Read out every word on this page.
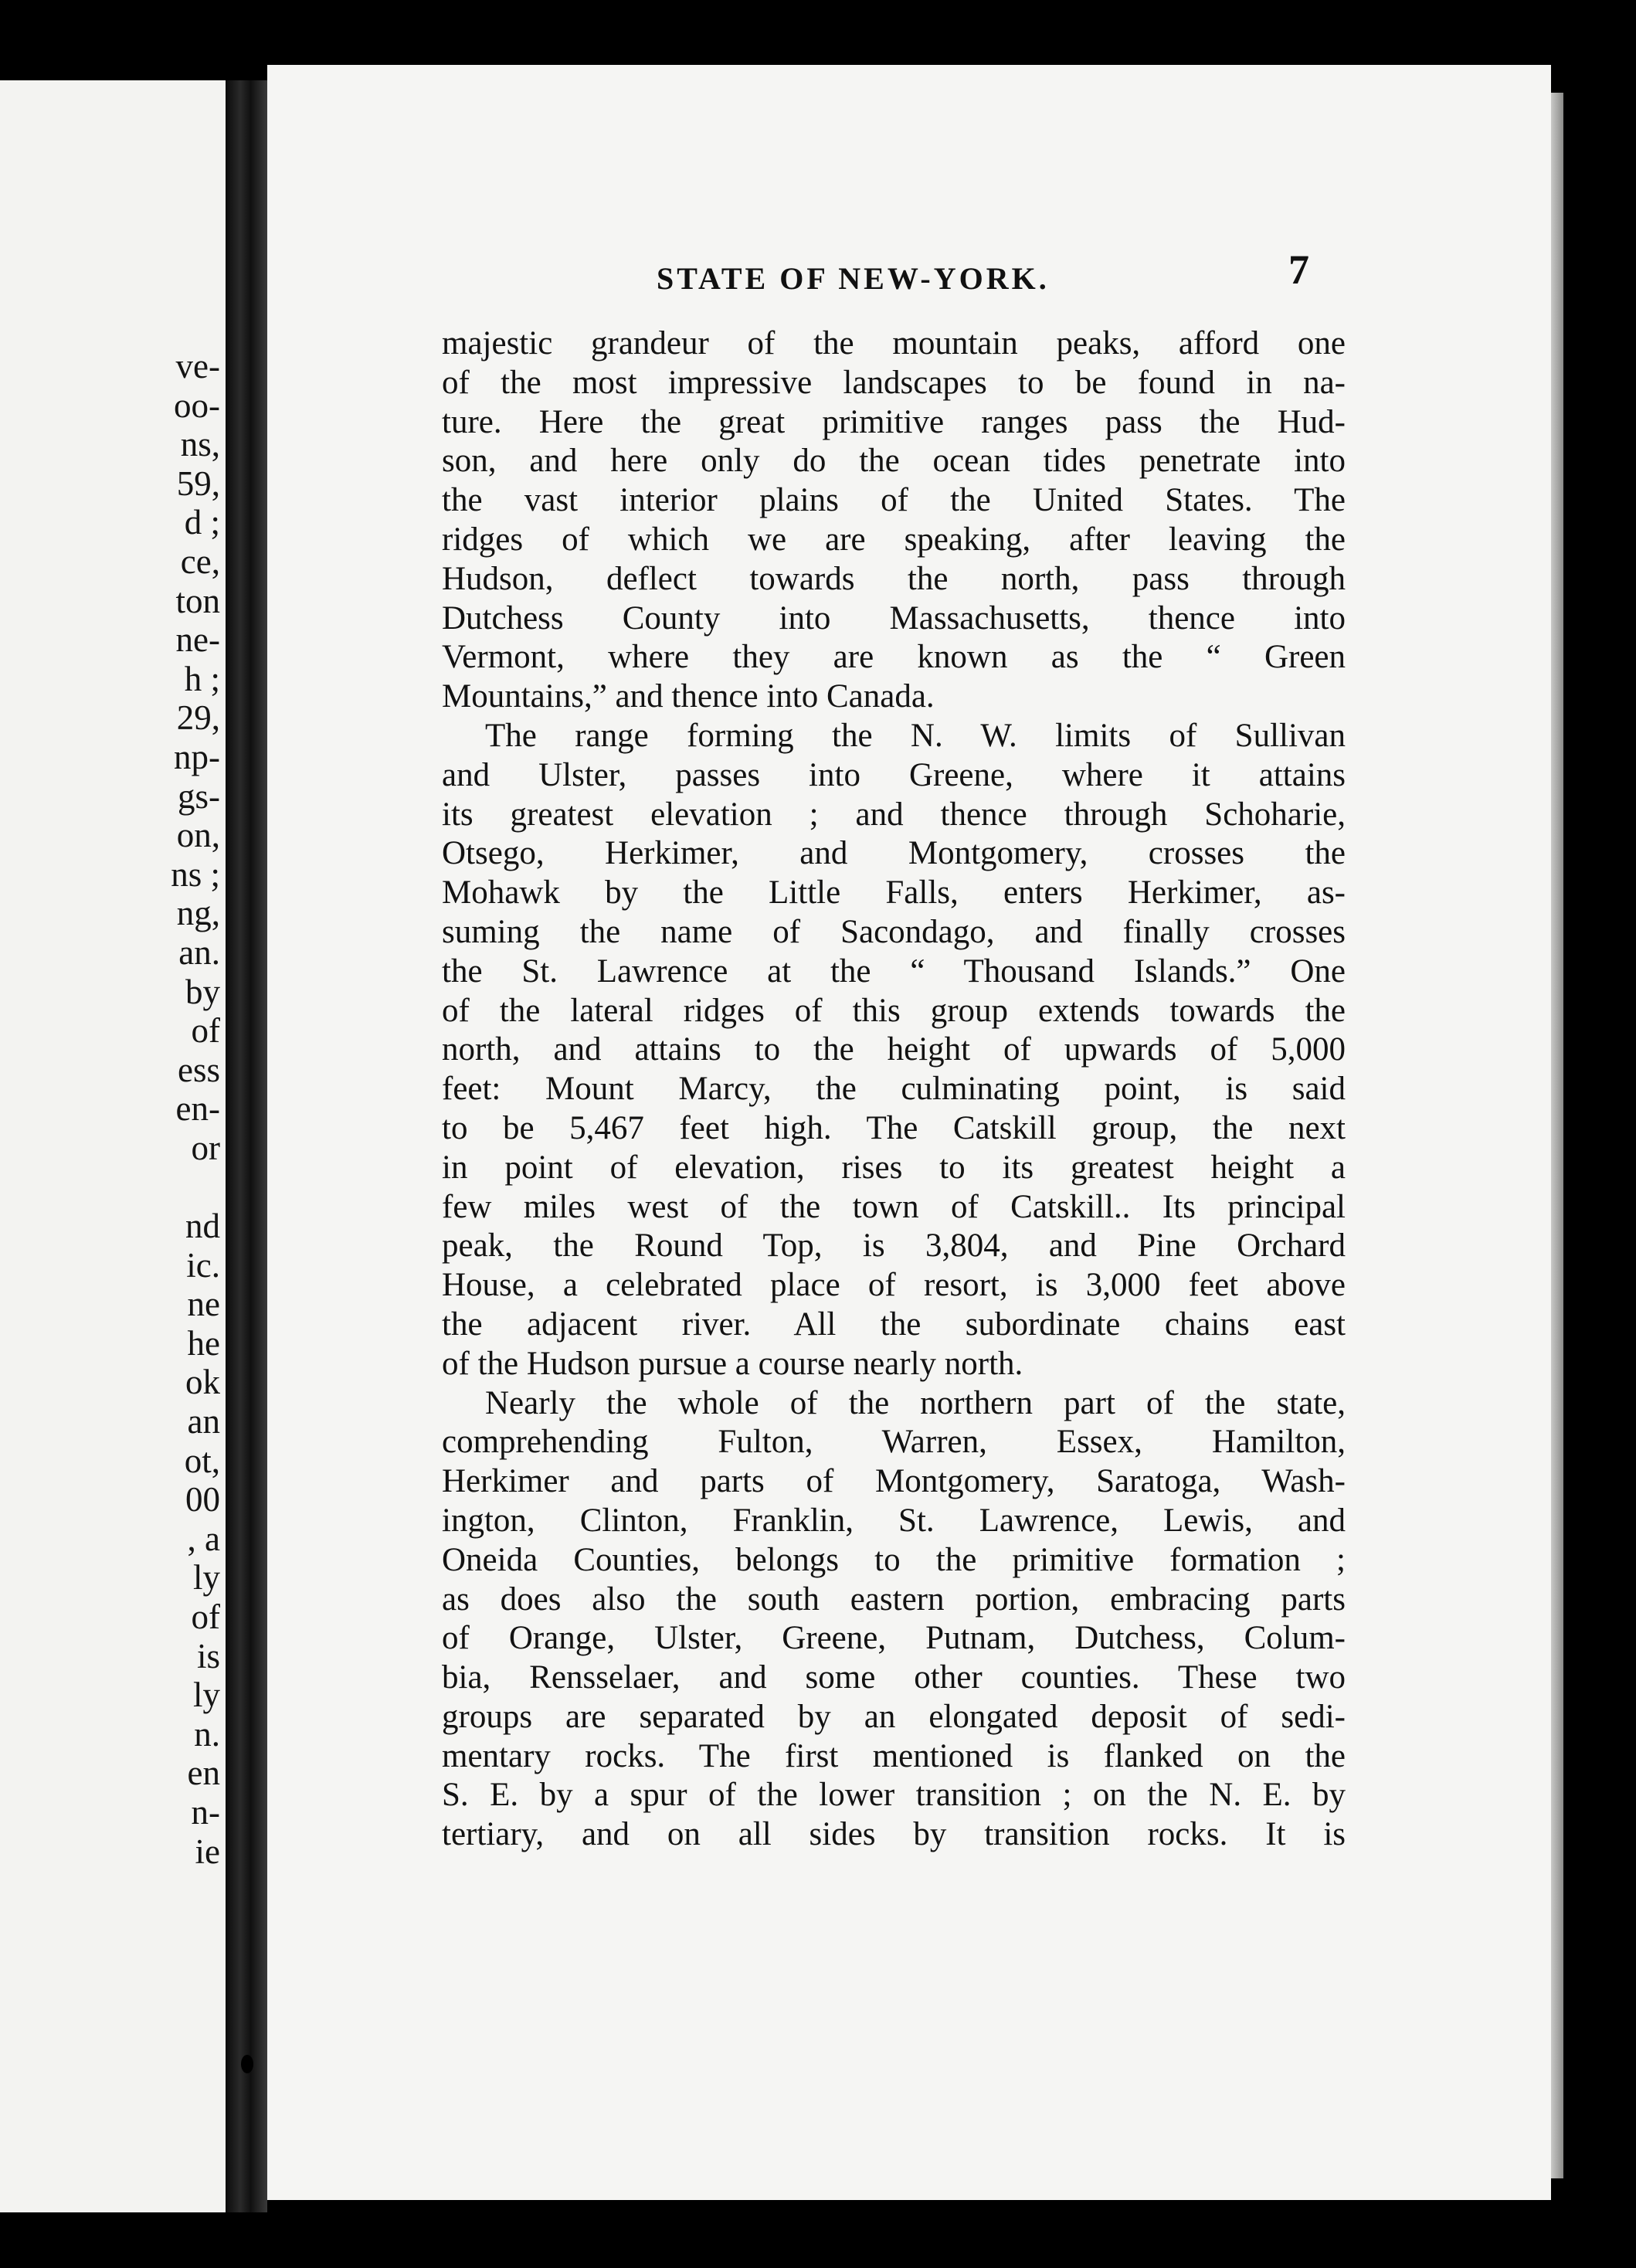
ve-
oo-
ns,
59,
d ;
ce,
ton
ne-
h ;
29,
np-
gs-
on,
ns ;
ng,
an.
by
of
ess
en-
or
nd
ic.
ne
he
ok
an
ot,
00
, a
ly
of
is
ly
n.
en
n-
ie
STATE OF NEW-YORK.	7
majestic grandeur of the mountain peaks, afford one
of the most impressive landscapes to be found in na-
ture. Here the great primitive ranges pass the Hud-
son, and here only do the ocean tides penetrate into
the vast interior plains of the United States. The
ridges of which we are speaking, after leaving the
Hudson, deflect towards the north, pass through
Dutchess County into Massachusetts, thence into
Vermont, where they are known as the “ Green
Mountains,” and thence into Canada.
The range forming the N. W. limits of Sullivan
and Ulster, passes into Greene, where it attains
its greatest elevation ; and thence through Schoharie,
Otsego, Herkimer, and Montgomery, crosses the
Mohawk by the Little Falls, enters Herkimer, as-
suming the name of Sacondago, and finally crosses
the St. Lawrence at the “ Thousand Islands.” One
of the lateral ridges of this group extends towards the
north, and attains to the height of upwards of 5,000
feet: Mount Marcy, the culminating point, is said
to be 5,467 feet high. The Catskill group, the next
in point of elevation, rises to its greatest height a
few miles west of the town of Catskill.. Its principal
peak, the Round Top, is 3,804, and Pine Orchard
House, a celebrated place of resort, is 3,000 feet above
the adjacent river. All the subordinate chains east
of the Hudson pursue a course nearly north.
Nearly the whole of the northern part of the state,
comprehending Fulton, Warren, Essex, Hamilton,
Herkimer and parts of Montgomery, Saratoga, Wash-
ington, Clinton, Franklin, St. Lawrence, Lewis, and
Oneida Counties, belongs to the primitive formation ;
as does also the south eastern portion, embracing parts
of Orange, Ulster, Greene, Putnam, Dutchess, Colum-
bia, Rensselaer, and some other counties. These two
groups are separated by an elongated deposit of sedi-
mentary rocks. The first mentioned is flanked on the
S. E. by a spur of the lower transition ; on the N. E. by
tertiary, and on all sides by transition rocks. It is
